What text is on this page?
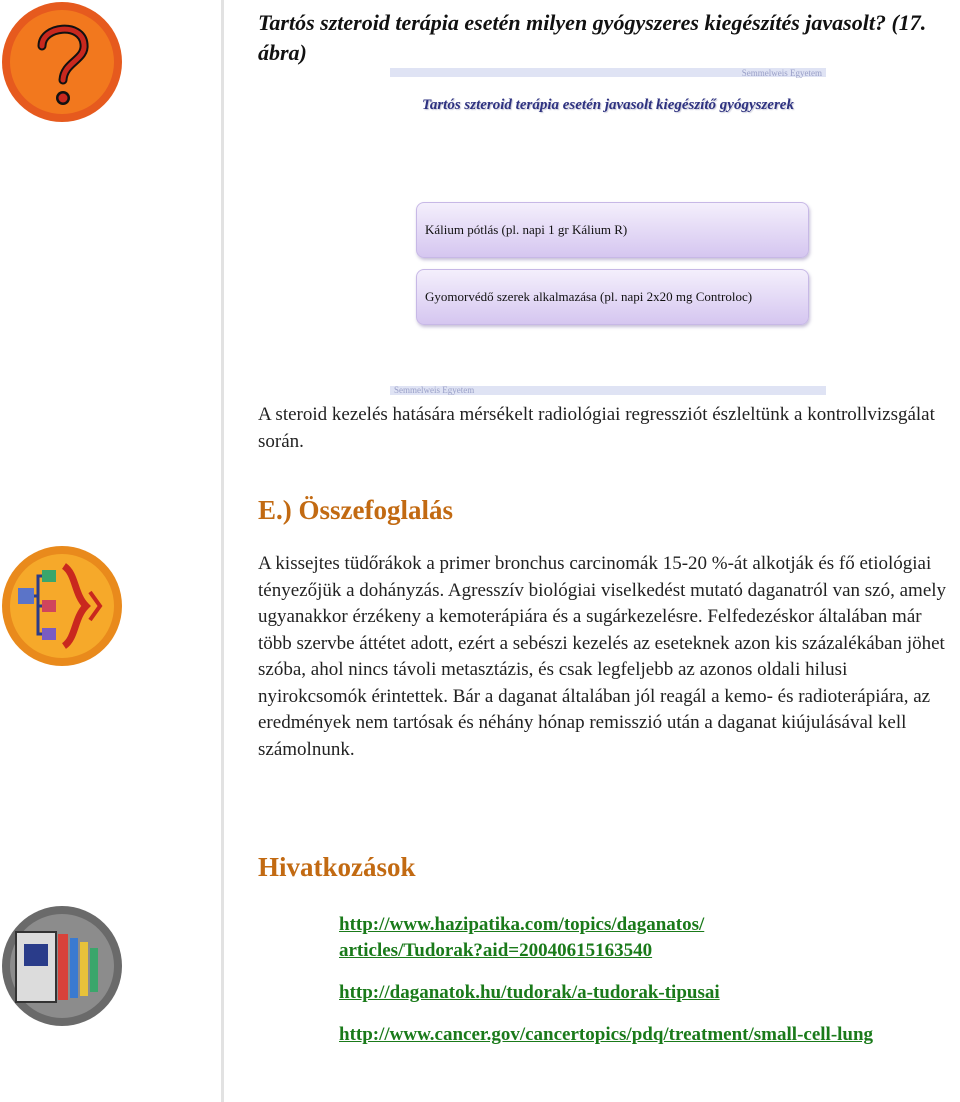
Tartós szteroid terápia esetén milyen gyógyszeres kiegészítés javasolt? (17. ábra)
Semmelweis Egyetem
Tartós szteroid terápia esetén javasolt kiegészítő gyógyszerek
Kálium pótlás (pl. napi 1 gr Kálium R)
Gyomorvédő szerek alkalmazása (pl. napi 2x20 mg Controloc)
Semmelweis Egyetem
A steroid kezelés hatására mérsékelt radiológiai regressziót észleltünk a kontrollvizsgálat során.
E.) Összefoglalás
A kissejtes tüdőrákok a primer bronchus carcinomák 15-20 %-át alkotják és fő etiológiai tényezőjük a dohányzás. Agresszív biológiai viselkedést mutató daganatról van szó, amely ugyanakkor érzékeny a kemoterápiára és a sugárkezelésre. Felfedezéskor általában már több szervbe áttétet adott, ezért a sebészi kezelés az eseteknek azon kis százalékában jöhet szóba, ahol nincs távoli metasztázis, és csak legfeljebb az azonos oldali hilusi nyirokcsomók érintettek. Bár a daganat általában jól reagál a kemo- és radioterápiára, az eredmények nem tartósak és néhány hónap remisszió után a daganat kiújulásával kell számolnunk.
Hivatkozások
http://www.hazipatika.com/topics/daganatos/ articles/Tudorak?aid=20040615163540
http://daganatok.hu/tudorak/a-tudorak-tipusai
http://www.cancer.gov/cancertopics/pdq/treatment/small-cell-lung
